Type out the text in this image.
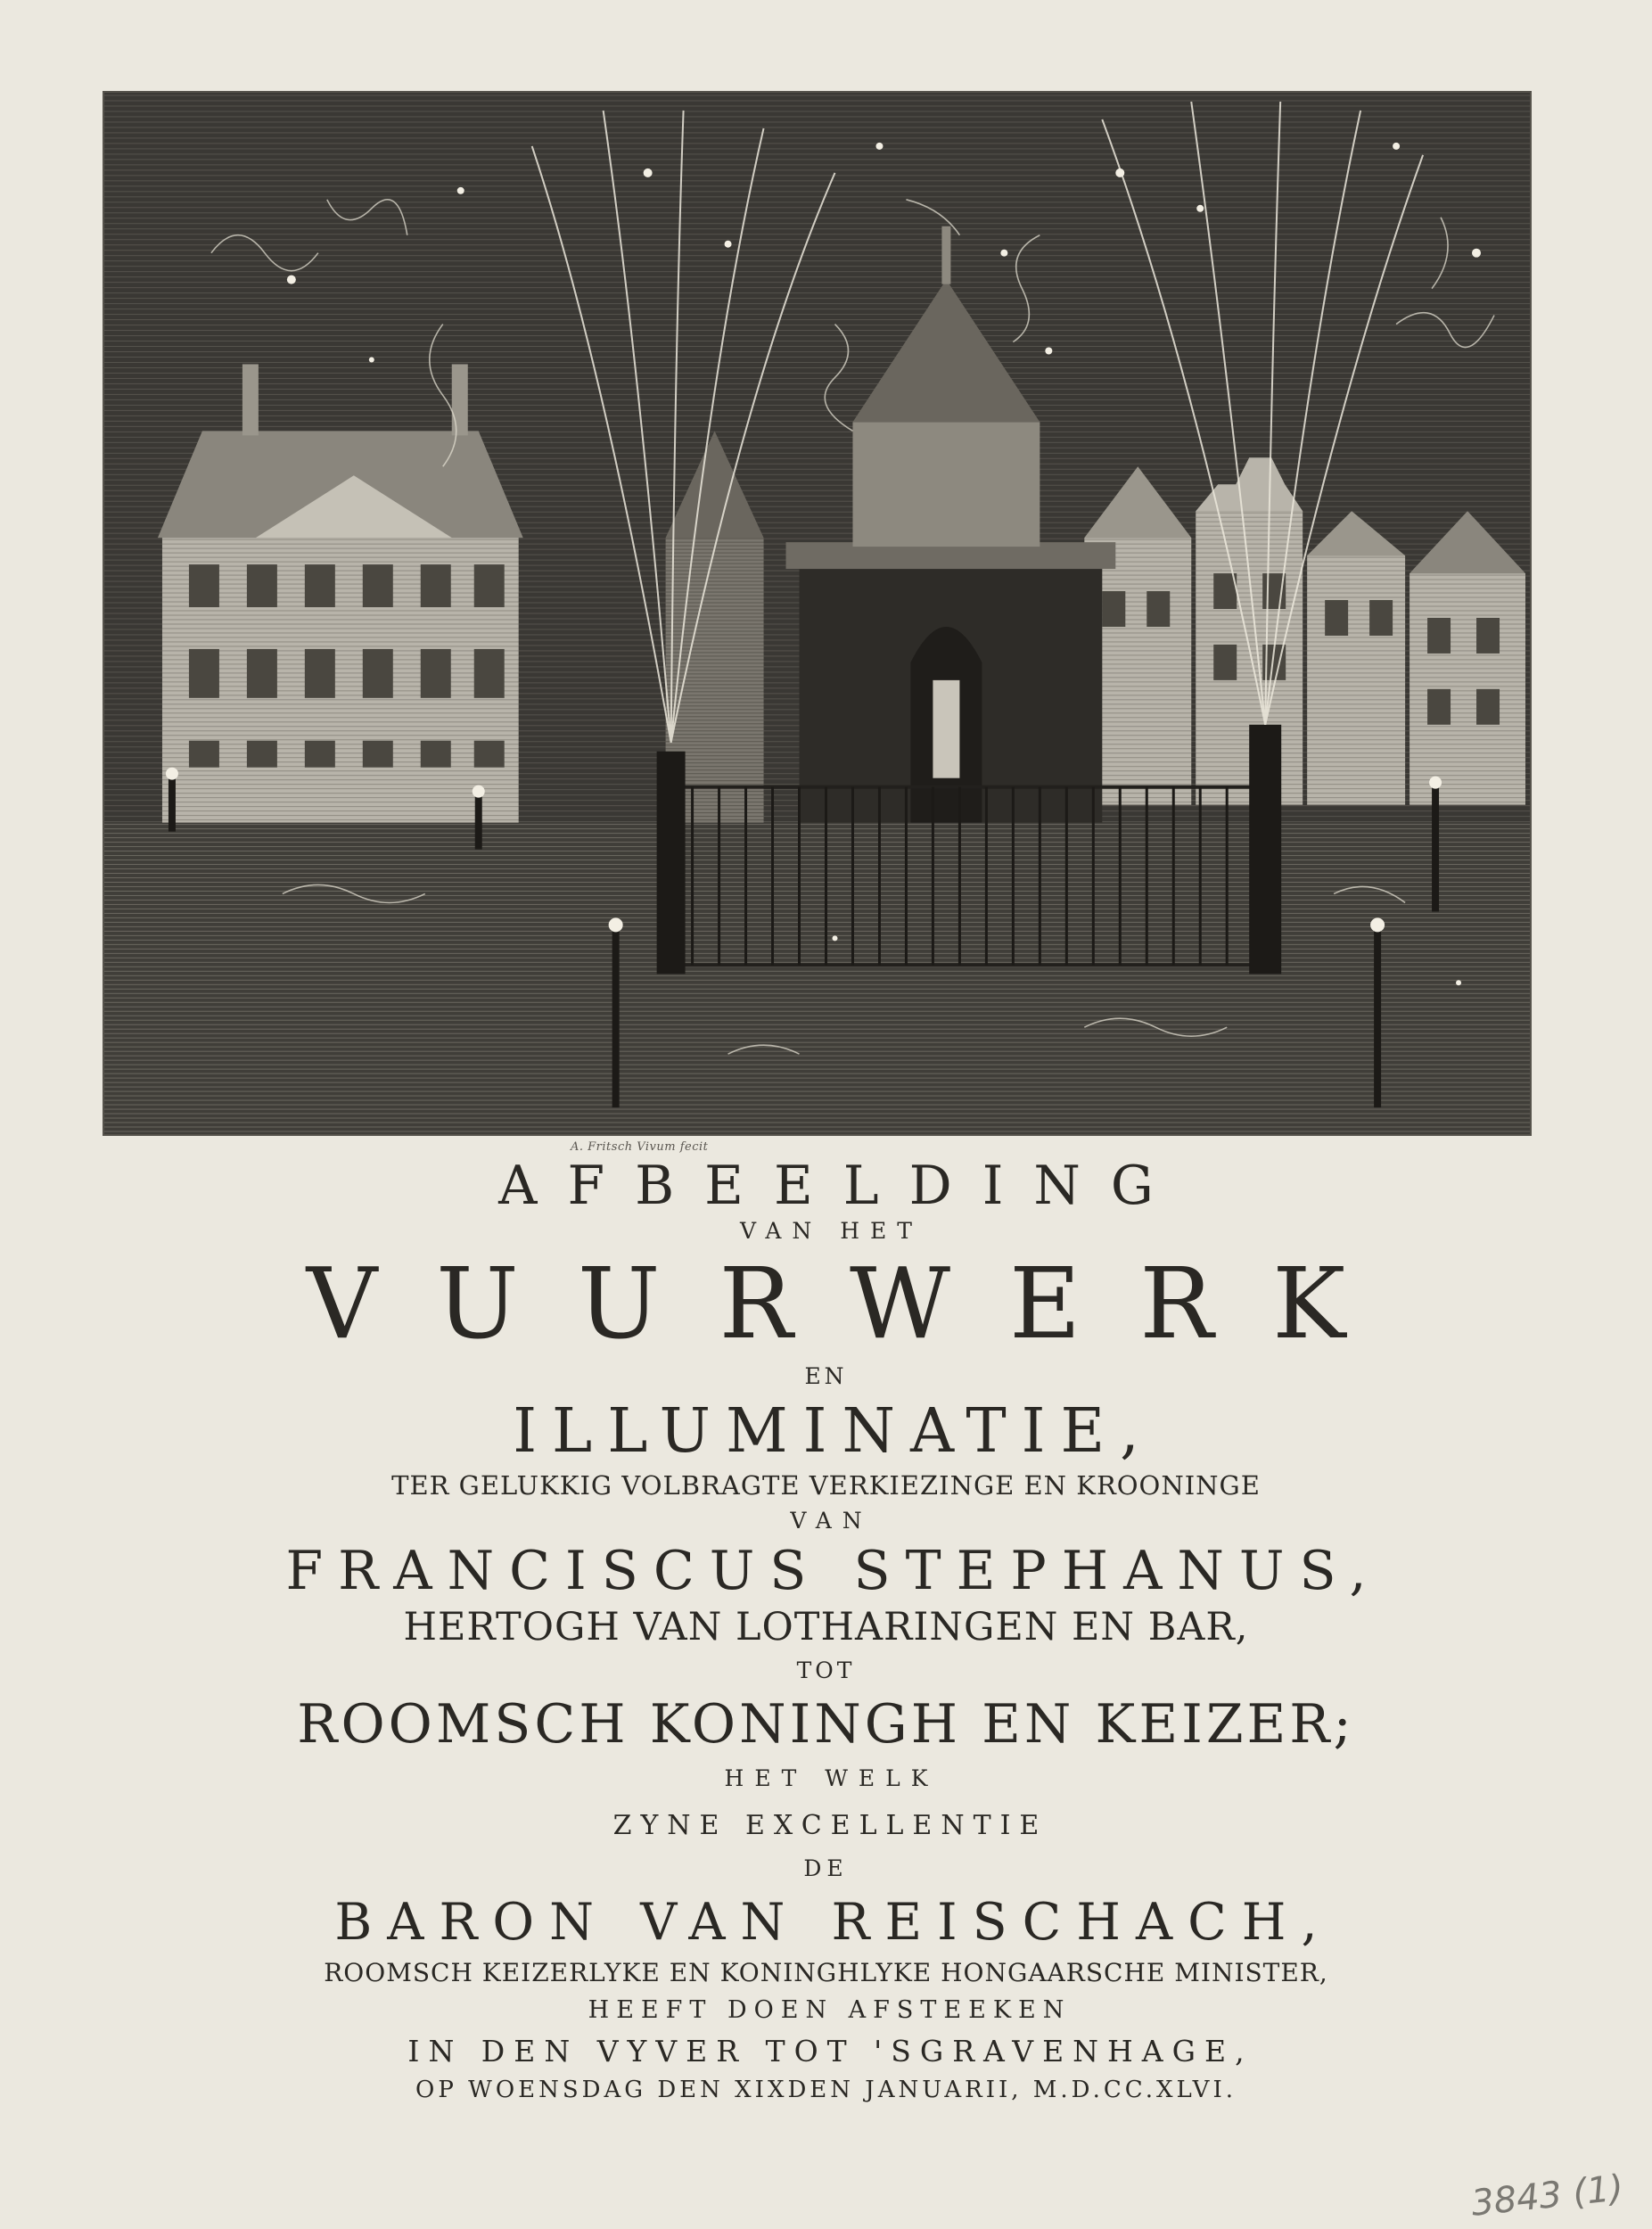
A. Fritsch Vivum fecit
AFBEELDING
VAN HET
VUURWERK
EN
ILLUMINATIE,
TER GELUKKIG VOLBRAGTE VERKIEZINGE EN KROONINGE
VAN
FRANCISCUS STEPHANUS,
HERTOGH VAN LOTHARINGEN EN BAR,
TOT
ROOMSCH KONINGH EN KEIZER;
HET WELK
ZYNE EXCELLENTIE
DE
BARON VAN REISCHACH,
ROOMSCH KEIZERLYKE EN KONINGHLYKE HONGAARSCHE MINISTER,
HEEFT DOEN AFSTEEKEN
IN DEN VYVER TOT 'SGRAVENHAGE,
OP WOENSDAG DEN XIXDEN JANUARII, M.D.CC.XLVI.
3843 (1)
